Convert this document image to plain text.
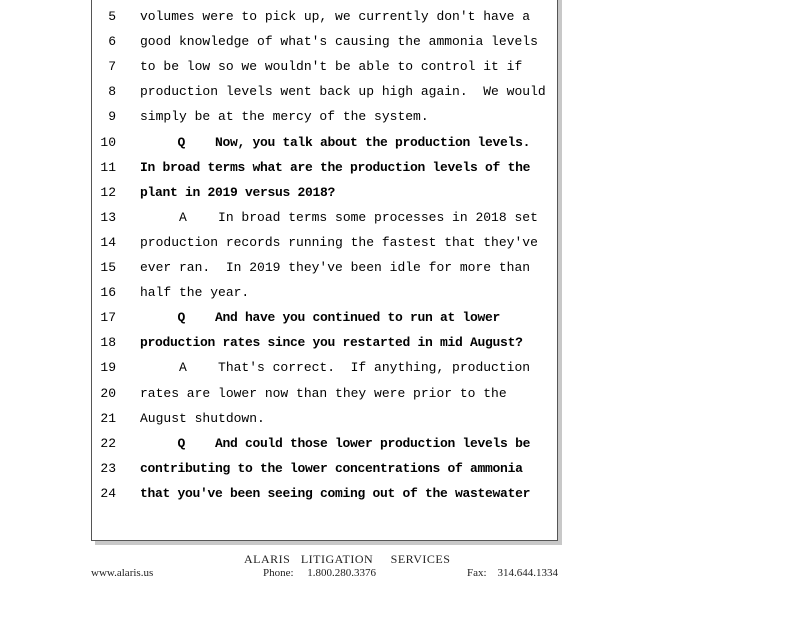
5 volumes were to pick up, we currently don't have a
6 good knowledge of what's causing the ammonia levels
7 to be low so we wouldn't be able to control it if
8 production levels went back up high again.  We would
9 simply be at the mercy of the system.
10 Q    Now, you talk about the production levels.
11 In broad terms what are the production levels of the
12 plant in 2019 versus 2018?
13 A    In broad terms some processes in 2018 set
14 production records running the fastest that they've
15 ever ran.  In 2019 they've been idle for more than
16 half the year.
17 Q    And have you continued to run at lower
18 production rates since you restarted in mid August?
19 A    That's correct.  If anything, production
20 rates are lower now than they were prior to the
21 August shutdown.
22 Q    And could those lower production levels be
23 contributing to the lower concentrations of ammonia
24 that you've been seeing coming out of the wastewater
ALARIS   LITIGATION     SERVICES
www.alaris.us	Phone:     1.800.280.3376	Fax:    314.644.1334
